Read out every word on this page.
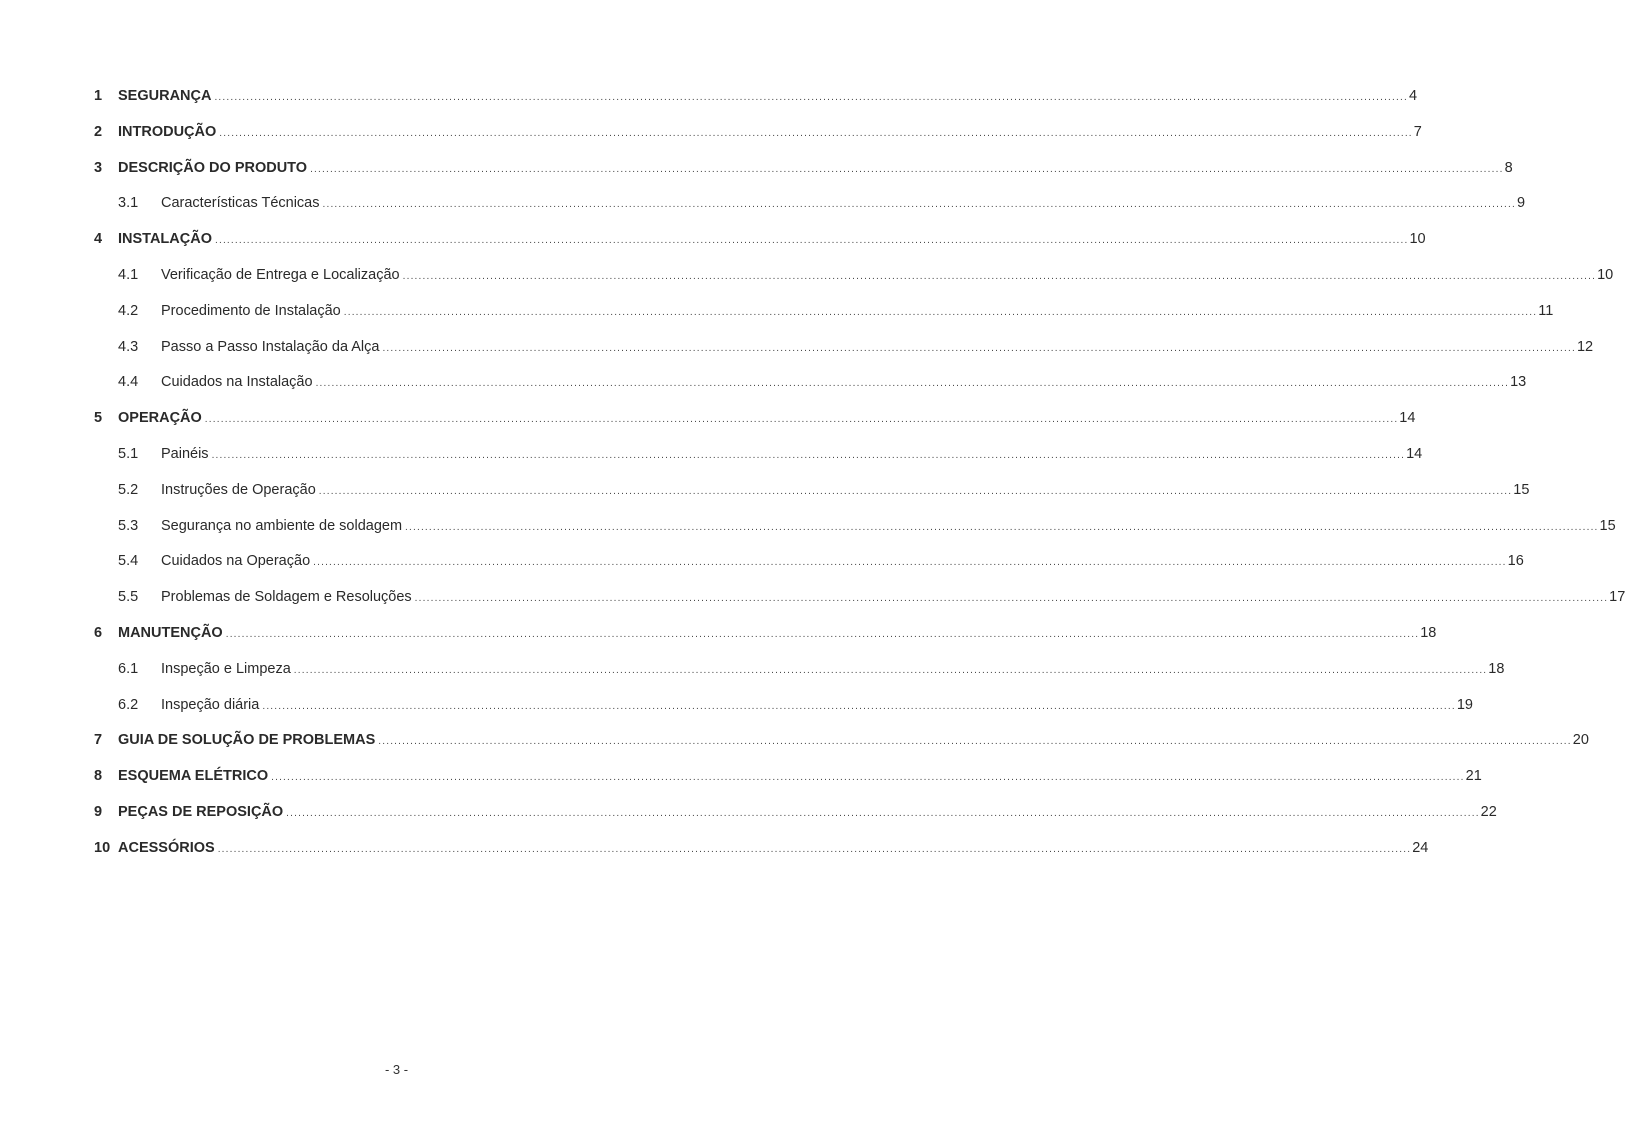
1	SEGURANÇA ............................................................................................................................................................................................................................................................................................................ 4
2	INTRODUÇÃO ............................................................................................................................................................................................................................................................................................................ 7
3	DESCRIÇÃO DO PRODUTO ............................................................................................................................................................................................................................................................................................................ 8
3.1	Características Técnicas ............................................................................................................................................................................................................................................................................................................ 9
4	INSTALAÇÃO ............................................................................................................................................................................................................................................................................................................ 10
4.1	Verificação de Entrega e Localização ............................................................................................................................................................................................................................................................................................................ 10
4.2	Procedimento de Instalação ............................................................................................................................................................................................................................................................................................................ 11
4.3	Passo a Passo Instalação da Alça ............................................................................................................................................................................................................................................................................................................ 12
4.4	Cuidados na Instalação ............................................................................................................................................................................................................................................................................................................ 13
5	OPERAÇÃO ............................................................................................................................................................................................................................................................................................................ 14
5.1	Painéis ............................................................................................................................................................................................................................................................................................................ 14
5.2	Instruções de Operação ............................................................................................................................................................................................................................................................................................................ 15
5.3	Segurança no ambiente de soldagem ............................................................................................................................................................................................................................................................................................................ 15
5.4	Cuidados na Operação ............................................................................................................................................................................................................................................................................................................ 16
5.5	Problemas de Soldagem e Resoluções ............................................................................................................................................................................................................................................................................................................ 17
6	MANUTENÇÃO ............................................................................................................................................................................................................................................................................................................ 18
6.1	Inspeção e Limpeza ............................................................................................................................................................................................................................................................................................................ 18
6.2	Inspeção diária ............................................................................................................................................................................................................................................................................................................ 19
7	GUIA DE SOLUÇÃO DE PROBLEMAS ............................................................................................................................................................................................................................................................................................................ 20
8	ESQUEMA ELÉTRICO ............................................................................................................................................................................................................................................................................................................ 21
9	PEÇAS DE REPOSIÇÃO ............................................................................................................................................................................................................................................................................................................ 22
10 ACESSÓRIOS ............................................................................................................................................................................................................................................................................................................ 24
- 3 -
